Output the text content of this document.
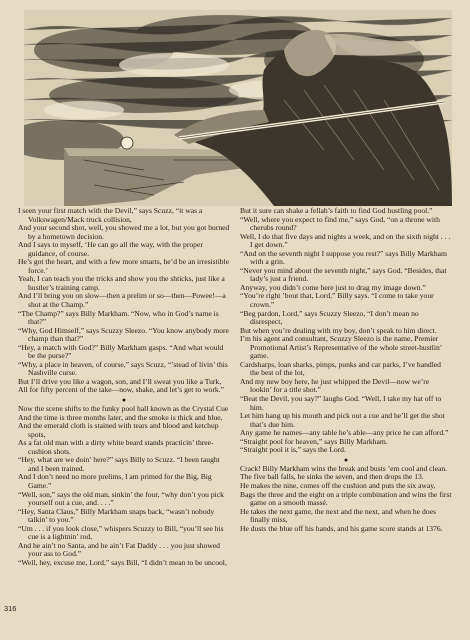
I seen your first match with the Devil,” says Scuzz, “it was a Volkswagen/Mack truck collision,

And your second shot, well, you showed me a lot, but you got burned by a hometown decision.

And I says to myself, ‘He can go all the way, with the proper guidance, of course.

He’s got the heart, and with a few more smarts, he’d be an irresistible force.’

Yeah, I can teach you the tricks and show you the shticks, just like a hustler’s training camp.

And I’ll bring you on slow—then a prelim or so—then—Powee!—a shot at the Champ.”

“The Champ?” says Billy Markham. “Now, who in God’s name is that?”

“Why, God Himself,” says Scuzzy Sleezo. “You know anybody more champ than that?”

“Hey, a match with God?” Billy Markham gasps. “And what would be the purse?”

“Why, a place in heaven, of course,” says Scuzz, “’stead of livin’ this Nashville curse.

But I’ll drive you like a wagon, son, and I’ll sweat you like a Turk,

All for fifty percent of the take—now, shake, and let’s get to work.”

●

Now the scene shifts to the funky pool hall known as the Crystal Cue

And the time is three months later, and the smoke is thick and blue,

And the emerald cloth is stained with tears and blood and ketchup spots,

As a fat old man with a dirty white beard stands practicin’ three-cushion shots.

“Hey, what are we doin’ here?” says Billy to Scuzz. “I been taught and I been trained.

And I don’t need no more prelims, I am primed for the Big, Big Game.”

“Well, son,” says the old man, sinkin’ the four, “why don’t you pick yourself out a cue, and. . . .”

“Hey, Santa Claus,” Billy Markham snaps back, “wasn’t nobody talkin’ to you.”

“Um . . . if you look close,” whispers Scuzzy to Bill, “you’ll see his cue is a lightnin’ rod,

And he ain’t no Santa, and he ain’t Fat Daddy . . . you just showed your ass to God.”

“Well, hey, excuse me, Lord,” says Bill, “I didn’t mean to be uncool,

But it sure can shake a fellah’s faith to find God hustling pool.”

“Well, where you expect to find me,” says God, “on a throne with cherubs round?

Well, I do that five days and nights a week, and on the sixth night . . . I get down.”

“And on the seventh night I suppose you rest?” says Billy Markham with a grin.

“Never you mind about the seventh night,” says God. “Besides, that lady’s just a friend.

Anyway, you didn’t come here just to drag my image down.”

“You’re right ’bout that, Lord,” Billy says. “I come to take your crown.”

“Beg pardon, Lord,” says Scuzzy Sleezo, “I don’t mean no disrespect,

But when you’re dealing with my boy, don’t speak to him direct.

I’m his agent and consultant, Scuzzy Sleezo is the name, Premier Promotional Artist’s Representative of the whole street-hustlin’ game.

Cardsharps, loan sharks, pimps, punks and car parks, I’ve handled the best of the lot,

And my new boy here, he just whipped the Devil—now we’re lookin’ for a title shot.”

“Beat the Devil, you say?” laughs God. “Well, I take my hat off to him.

Let him hang up his mouth and pick out a cue and he’ll get the shot that’s due him.

Any game he names—any table he’s able—any price he can afford.”

“Straight pool for heaven,” says Billy Markham.

“Straight pool it is,” says the Lord.

●

Crack! Billy Markham wins the break and busts ’em cool and clean.

The five ball falls, he sinks the seven, and then drops the 13.

He makes the nine, comes off the cushion and puts the six away,

Bags the three and the eight on a triple combination and wins the first game on a smooth massé.

He takes the next game, the next and the next, and when he does finally miss,

He dusts the blue off his hands, and his game score stands at 1376.

316
